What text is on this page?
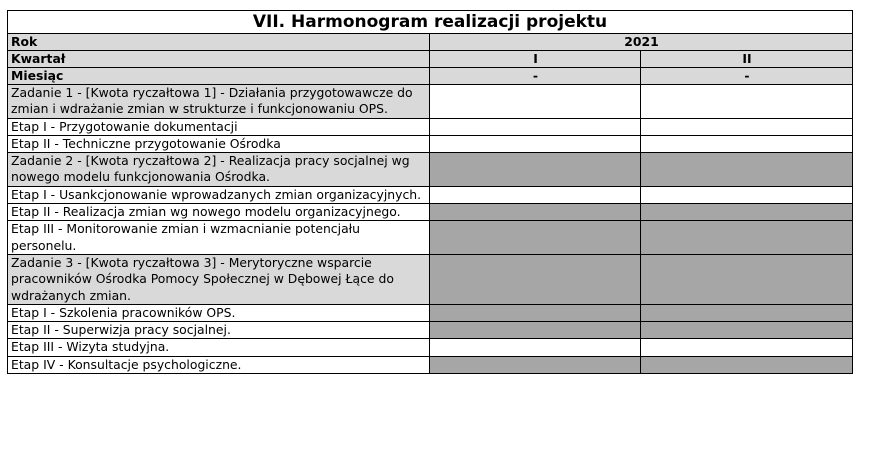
VII. Harmonogram realizacji projektu		
Rok	2021	
Kwartał	I	II
Miesiąc	-	-
Zadanie 1 - [Kwota ryczałtowa 1] - Działania przygotowawcze do zmian i wdrażanie zmian w strukturze i funkcjonowaniu OPS.		
Etap I - Przygotowanie dokumentacji		
Etap II - Techniczne przygotowanie Ośrodka		
Zadanie 2 - [Kwota ryczałtowa 2] - Realizacja pracy socjalnej wg nowego modelu funkcjonowania Ośrodka.		
Etap I - Usankcjonowanie wprowadzanych zmian organizacyjnych.		
Etap II - Realizacja zmian wg nowego modelu organizacyjnego.		
Etap III - Monitorowanie zmian i wzmacnianie potencjału personelu.		
Zadanie 3 - [Kwota ryczałtowa 3] - Merytoryczne wsparcie pracowników Ośrodka Pomocy Społecznej w Dębowej Łące do wdrażanych zmian.		
Etap I - Szkolenia pracowników OPS.		
Etap II - Superwizja pracy socjalnej.		
Etap III - Wizyta studyjna.		
Etap IV - Konsultacje psychologiczne.		
